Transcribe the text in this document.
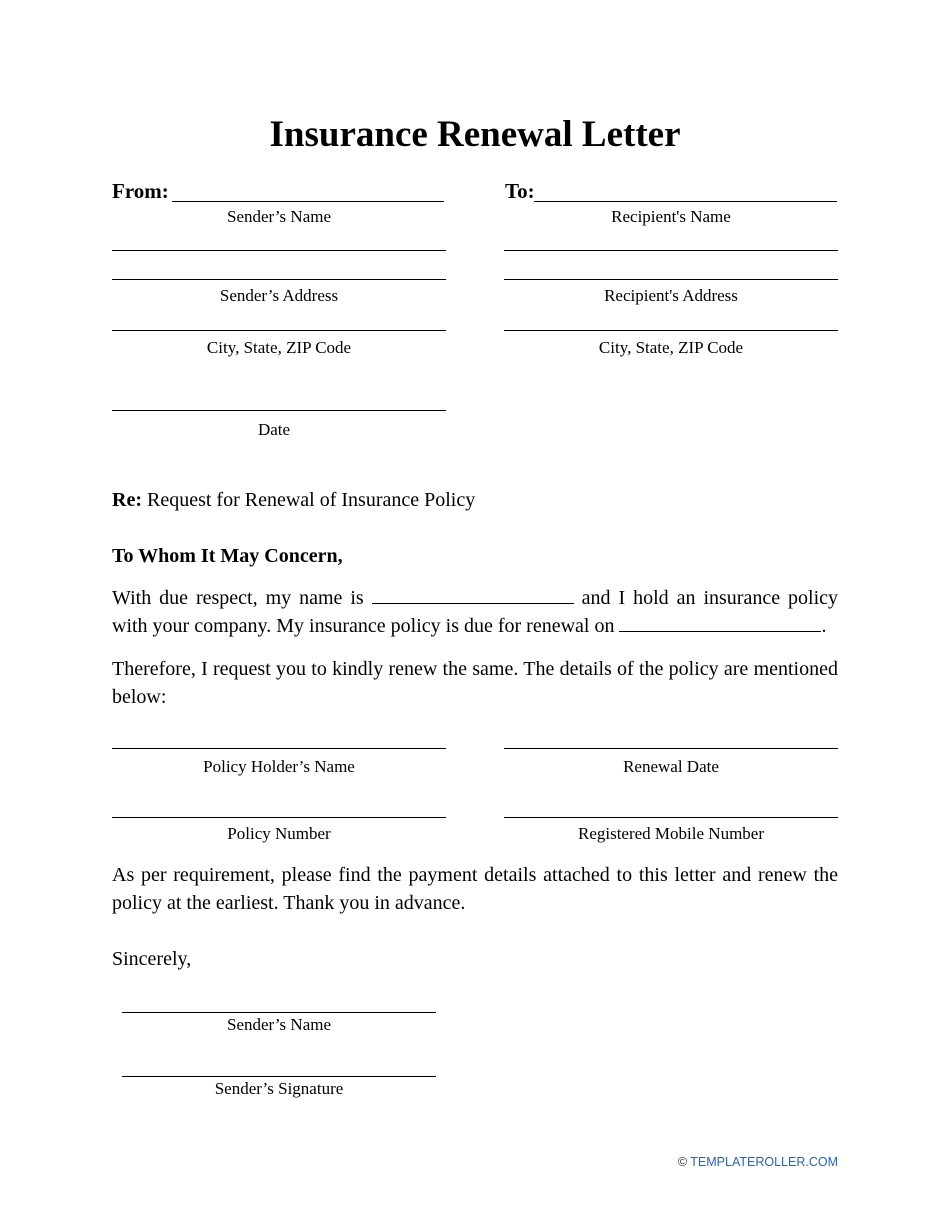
Insurance Renewal Letter
From:
Sender’s Name
Sender’s Address
City, State, ZIP Code
Date
To:
Recipient's Name
Recipient's Address
City, State, ZIP Code
Re: Request for Renewal of Insurance Policy
To Whom It May Concern,
With due respect, my name is	and I hold an insurance policy with your company. My insurance policy is due for renewal on	.
Therefore, I request you to kindly renew the same. The details of the policy are mentioned below:
Policy Holder’s Name	Renewal Date
Policy Number	Registered Mobile Number
As per requirement, please find the payment details attached to this letter and renew the policy at the earliest. Thank you in advance.
Sincerely,
Sender’s Name
Sender’s Signature
© TEMPLATEROLLER.COM
